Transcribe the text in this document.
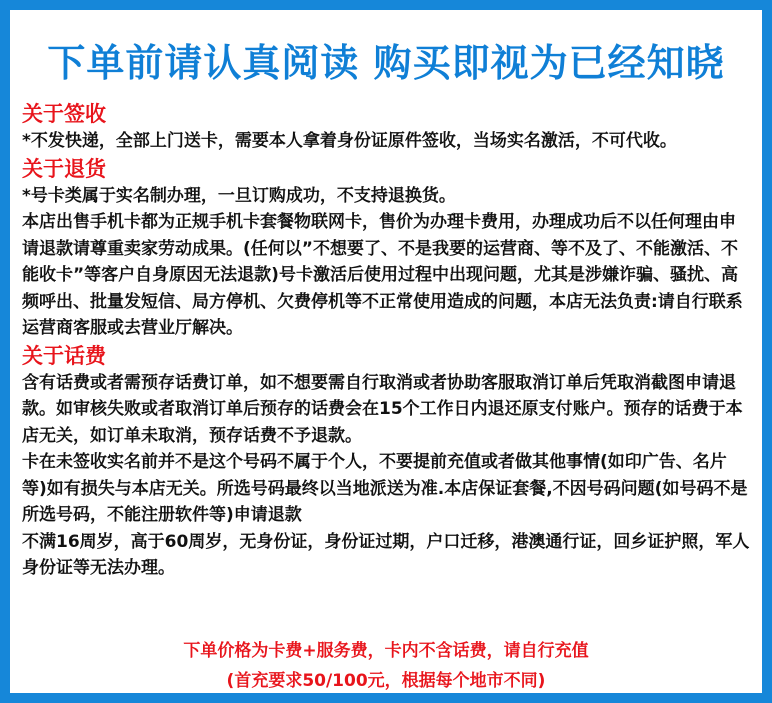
下单前请认真阅读 购买即视为已经知晓

关于签收

*不发快递，全部上门送卡，需要本人拿着身份证原件签收，当场实名激活，不可代收。

关于退货

*号卡类属于实名制办理，一旦订购成功，不支持退换货。

本店出售手机卡都为正规手机卡套餐物联网卡，售价为办理卡费用，办理成功后不以任何理由申请退款请尊重卖家劳动成果。(任何以”不想要了、不是我要的运营商、等不及了、不能激活、不能收卡”等客户自身原因无法退款)号卡激活后使用过程中出现问题，尤其是涉嫌诈骗、骚扰、高频呼出、批量发短信、局方停机、欠费停机等不正常使用造成的问题，本店无法负责:请自行联系运营商客服或去营业厅解决。

关于话费

含有话费或者需预存话费订单，如不想要需自行取消或者协助客服取消订单后凭取消截图申请退款。如审核失败或者取消订单后预存的话费会在15个工作日内退还原支付账户。预存的话费于本店无关，如订单未取消，预存话费不予退款。

卡在未签收实名前并不是这个号码不属于个人，不要提前充值或者做其他事情(如印广告、名片等)如有损失与本店无关。所选号码最终以当地派送为准.本店保证套餐,不因号码问题(如号码不是所选号码，不能注册软件等)申请退款

不满16周岁，高于60周岁，无身份证，身份证过期，户口迁移，港澳通行证，回乡证护照，军人身份证等无法办理。

下单价格为卡费+服务费，卡内不含话费，请自行充值
(首充要求50/100元，根据每个地市不同)
